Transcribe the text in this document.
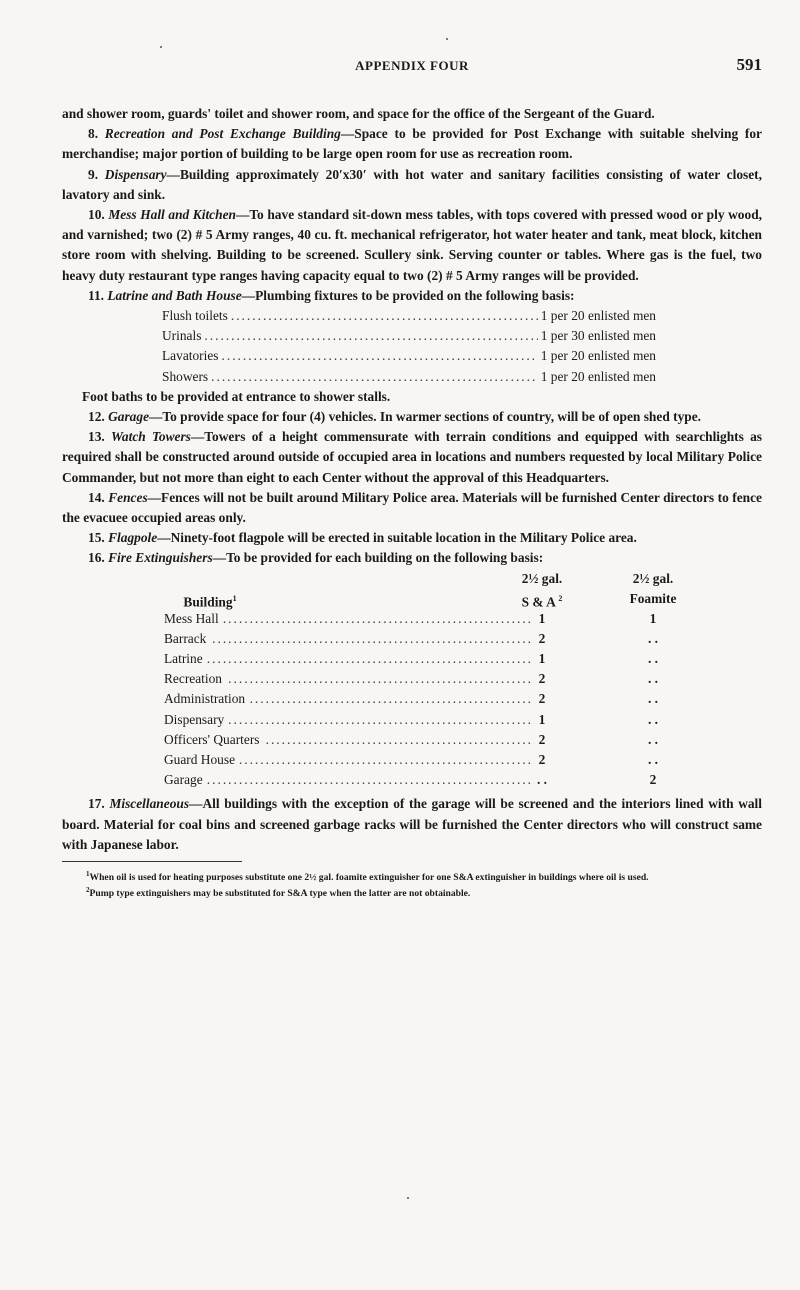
APPENDIX FOUR	591

and shower room, guards' toilet and shower room, and space for the office of the Sergeant of the Guard.

8. Recreation and Post Exchange Building—Space to be provided for Post Exchange with suitable shelving for merchandise; major portion of building to be large open room for use as recreation room.

9. Dispensary—Building approximately 20′x30′ with hot water and sanitary facilities consisting of water closet, lavatory and sink.

10. Mess Hall and Kitchen—To have standard sit-down mess tables, with tops covered with pressed wood or ply wood, and varnished; two (2) # 5 Army ranges, 40 cu. ft. mechanical refrigerator, hot water heater and tank, meat block, kitchen store room with shelving. Building to be screened. Scullery sink. Serving counter or tables. Where gas is the fuel, two heavy duty restaurant type ranges having capacity equal to two (2) # 5 Army ranges will be provided.

11. Latrine and Bath House—Plumbing fixtures to be provided on the following basis:

Flush toilets .....	1 per 20 enlisted men
Urinals .....	1 per 30 enlisted men
Lavatories .....	1 per 20 enlisted men
Showers .....	1 per 20 enlisted men

Foot baths to be provided at entrance to shower stalls.

12. Garage—To provide space for four (4) vehicles. In warmer sections of country, will be of open shed type.

13. Watch Towers—Towers of a height commensurate with terrain conditions and equipped with searchlights as required shall be constructed around outside of occupied area in locations and numbers requested by local Military Police Commander, but not more than eight to each Center without the approval of this Headquarters.

14. Fences—Fences will not be built around Military Police area. Materials will be furnished Center directors to fence the evacuee occupied areas only.

15. Flagpole—Ninety-foot flagpole will be erected in suitable location in the Military Police area.

16. Fire Extinguishers—To be provided for each building on the following basis:

Building$^1$
2½ gal.
S & A $^2$
2½ gal.
Foamite
..... Mess Hall	1	1
..... Barrack	2	. .
..... Latrine	1	. .
..... Recreation	2	. .
..... Administration	2	. .
..... Dispensary	1	. .
..... Officers' Quarters	2	. .
..... Guard House	2	. .
..... Garage	. .	2

17. Miscellaneous—All buildings with the exception of the garage will be screened and the interiors lined with wall board. Material for coal bins and screened garbage racks will be furnished the Center directors who will construct same with Japanese labor.

$^1$When oil is used for heating purposes substitute one 2½ gal. foamite extinguisher for one S&A extinguisher in buildings where oil is used.
$^2$Pump type extinguishers may be substituted for S&A type when the latter are not obtainable.
